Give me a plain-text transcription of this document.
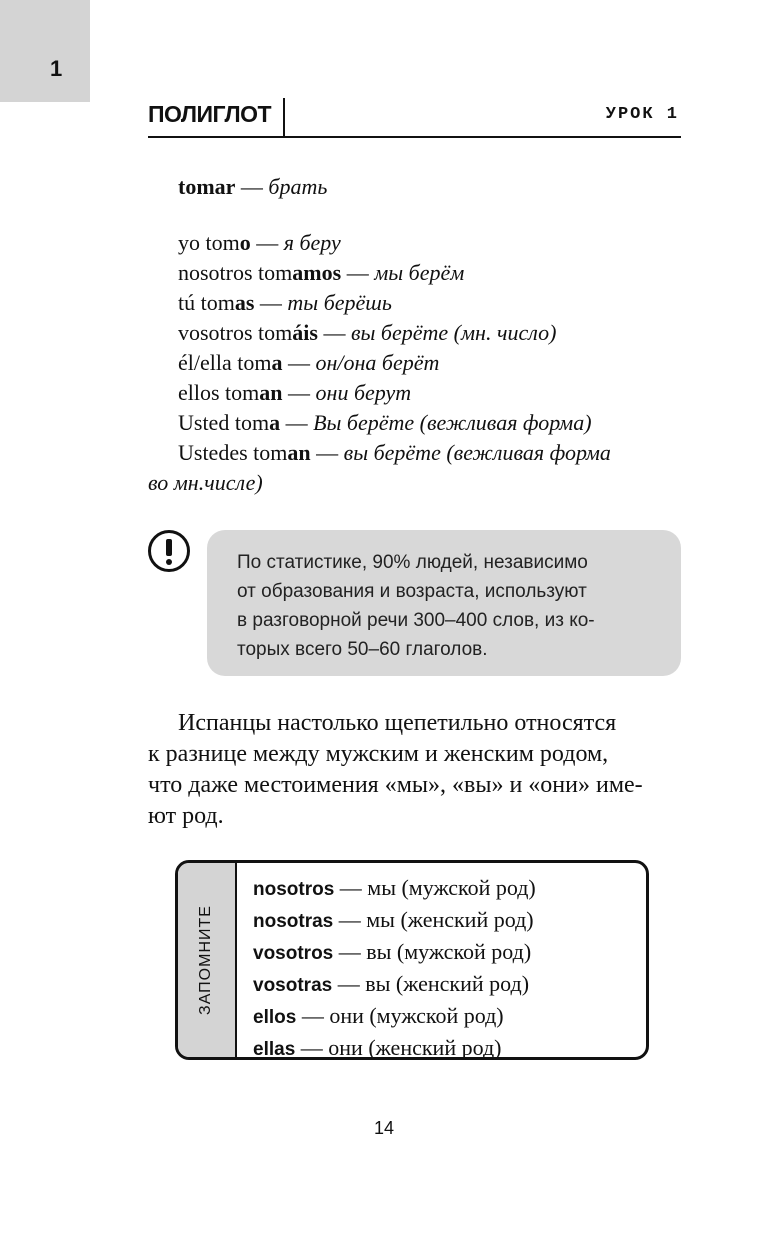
1
ПОЛИГЛОТ	УРОК 1
tomar — брать
yo tomo — я беру
nosotros tomamos — мы берём
tú tomas — ты берёшь
vosotros tomáis — вы берёте (мн. число)
él/ella toma — он/она берёт
ellos toman — они берут
Usted toma — Вы берёте (вежливая форма)
Ustedes toman — вы берёте (вежливая форма
во мн.числе)
По статистике, 90% людей, независимо
от образования и возраста, используют
в разговорной речи 300–400 слов, из ко-
торых всего 50–60 глаголов.
Испанцы настолько щепетильно относятся
к разнице между мужским и женским родом,
что даже местоимения «мы», «вы» и «они» име-
ют род.
ЗАПОМНИТЕ
nosotros — мы (мужской род)
nosotras — мы (женский род)
vosotros — вы (мужской род)
vosotras — вы (женский род)
ellos — они (мужской род)
ellas — они (женский род)
14
